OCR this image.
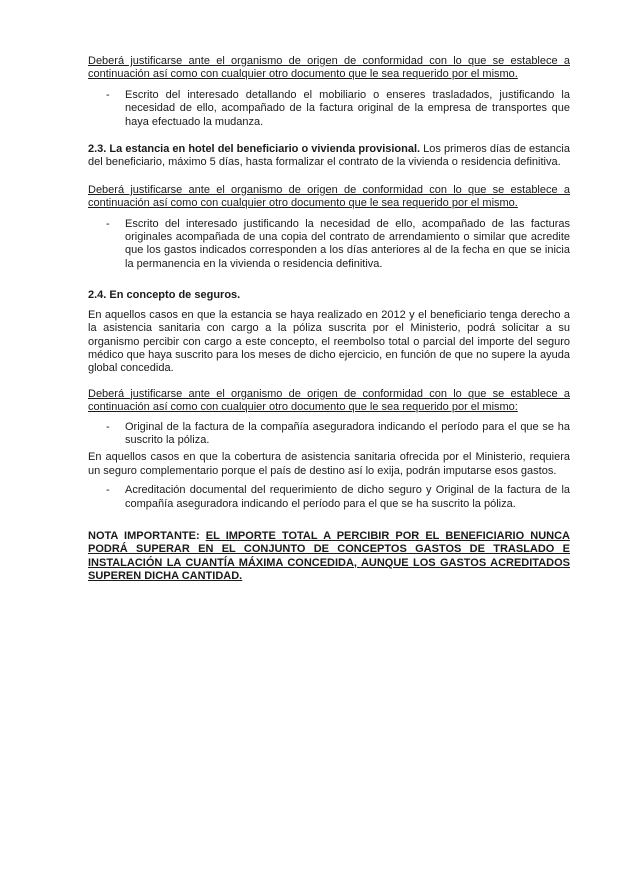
Deberá justificarse ante el organismo de origen de conformidad con lo que se establece a continuación así como con cualquier otro documento que le sea requerido por el mismo.

- Escrito del interesado detallando el mobiliario o enseres trasladados, justificando la necesidad de ello, acompañado de la factura original de la empresa de transportes que haya efectuado la mudanza.

2.3. La estancia en hotel del beneficiario o vivienda provisional. Los primeros días de estancia del beneficiario, máximo 5 días, hasta formalizar el contrato de la vivienda o residencia definitiva.

Deberá justificarse ante el organismo de origen de conformidad con lo que se establece a continuación así como con cualquier otro documento que le sea requerido por el mismo.

- Escrito del interesado justificando la necesidad de ello, acompañado de las facturas originales acompañada de una copia del contrato de arrendamiento o similar que acredite que los gastos indicados corresponden a los días anteriores al de la fecha en que se inicia la permanencia en la vivienda o residencia definitiva.

2.4. En concepto de seguros.

En aquellos casos en que la estancia se haya realizado en 2012 y el beneficiario tenga derecho a la asistencia sanitaria con cargo a la póliza suscrita por el Ministerio, podrá solicitar a su organismo percibir con cargo a este concepto, el reembolso total o parcial del importe del seguro médico que haya suscrito para los meses de dicho ejercicio, en función de que no supere la ayuda global concedida.

Deberá justificarse ante el organismo de origen de conformidad con lo que se establece a continuación así como con cualquier otro documento que le sea requerido por el mismo:

- Original de la factura de la compañía aseguradora indicando el período para el que se ha suscrito la póliza.

En aquellos casos en que la cobertura de asistencia sanitaria ofrecida por el Ministerio, requiera un seguro complementario porque el país de destino así lo exija, podrán imputarse esos gastos.

- Acreditación documental del requerimiento de dicho seguro y Original de la factura de la compañía aseguradora indicando el período para el que se ha suscrito la póliza.

NOTA IMPORTANTE: EL IMPORTE TOTAL A PERCIBIR POR EL BENEFICIARIO NUNCA PODRÁ SUPERAR EN EL CONJUNTO DE CONCEPTOS GASTOS DE TRASLADO E INSTALACIÓN LA CUANTÍA MÁXIMA CONCEDIDA, AUNQUE LOS GASTOS ACREDITADOS SUPEREN DICHA CANTIDAD.
